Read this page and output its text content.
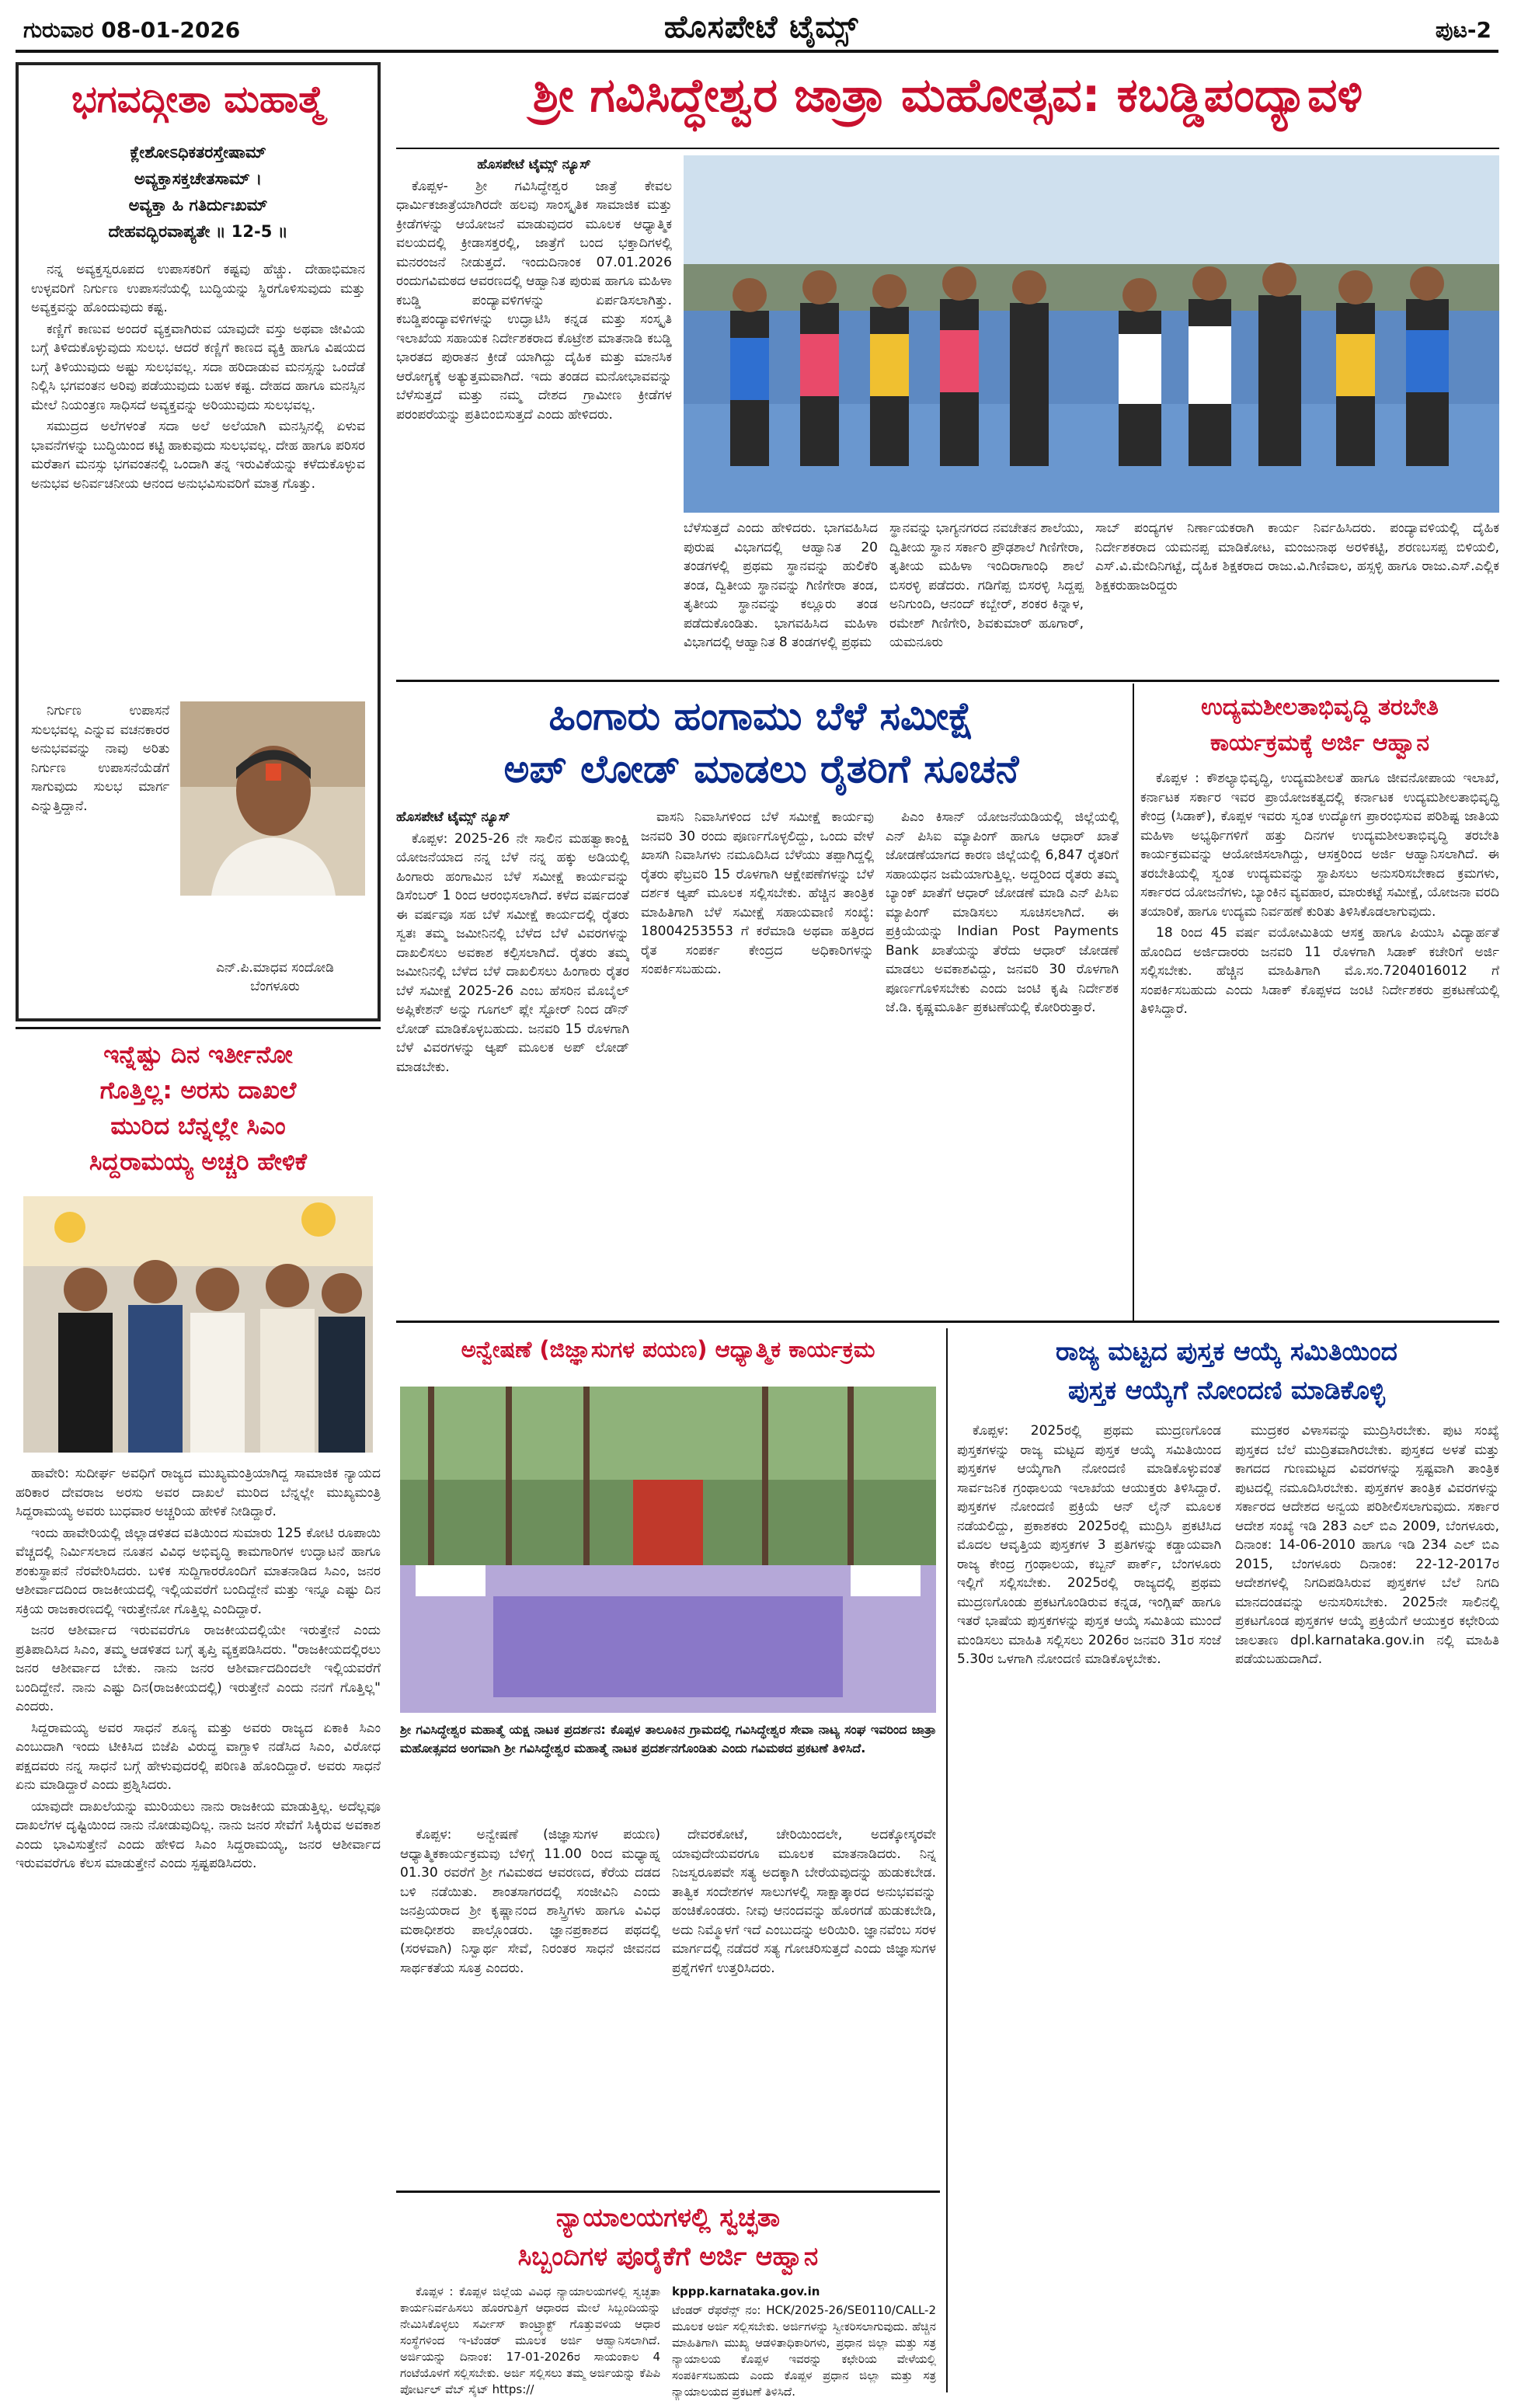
ಗುರುವಾರ 08-01-2026	ಹೊಸಪೇಟೆ ಟೈಮ್ಸ್	ಪುಟ-2
ಭಗವದ್ಗೀತಾ ಮಹಾತ್ಮೆ
ಕ್ಲೇಶೋಽಧಿಕತರಸ್ತೇಷಾಮ್
ಅವ್ಯಕ್ತಾಸಕ್ತಚೇತಸಾಮ್ ।
ಅವ್ಯಕ್ತಾ ಹಿ ಗತಿರ್ದುಃಖಮ್
ದೇಹವದ್ಭಿರವಾಪ್ಯತೇ ॥ 12-5 ॥

ನನ್ನ ಅವ್ಯಕ್ತಸ್ವರೂಪದ ಉಪಾಸಕರಿಗೆ ಕಷ್ಟವು ಹೆಚ್ಚು. ದೇಹಾಭಿಮಾನ ಉಳ್ಳವರಿಗೆ ನಿರ್ಗುಣ ಉಪಾಸನೆಯಲ್ಲಿ ಬುದ್ಧಿಯನ್ನು ಸ್ಥಿರಗೊಳಿಸುವುದು ಮತ್ತು ಅವ್ಯಕ್ತವನ್ನು ಹೊಂದುವುದು ಕಷ್ಟ.

ಕಣ್ಣಿಗೆ ಕಾಣುವ ಅಂದರೆ ವ್ಯಕ್ತವಾಗಿರುವ ಯಾವುದೇ ವಸ್ತು ಅಥವಾ ಜೀವಿಯ ಬಗ್ಗೆ ತಿಳಿದುಕೊಳ್ಳುವುದು ಸುಲಭ. ಆದರೆ ಕಣ್ಣಿಗೆ ಕಾಣದ ವ್ಯಕ್ತಿ ಹಾಗೂ ವಿಷಯದ ಬಗ್ಗೆ ತಿಳಿಯುವುದು ಅಷ್ಟು ಸುಲಭವಲ್ಲ. ಸದಾ ಹರಿದಾಡುವ ಮನಸ್ಸನ್ನು ಒಂದೆಡೆ ನಿಲ್ಲಿಸಿ ಭಗವಂತನ ಅರಿವು ಪಡೆಯುವುದು ಬಹಳ ಕಷ್ಟ. ದೇಹದ ಹಾಗೂ ಮನಸ್ಸಿನ ಮೇಲೆ ನಿಯಂತ್ರಣ ಸಾಧಿಸದೆ ಅವ್ಯಕ್ತವನ್ನು ಅರಿಯುವುದು ಸುಲಭವಲ್ಲ.

ಸಮುದ್ರದ ಅಲೆಗಳಂತೆ ಸದಾ ಅಲೆ ಅಲೆಯಾಗಿ ಮನಸ್ಸಿನಲ್ಲಿ ಏಳುವ ಭಾವನೆಗಳನ್ನು ಬುದ್ಧಿಯಿಂದ ಕಟ್ಟಿ ಹಾಕುವುದು ಸುಲಭವಲ್ಲ. ದೇಹ ಹಾಗೂ ಪರಿಸರ ಮರೆತಾಗ ಮನಸ್ಸು ಭಗವಂತನಲ್ಲಿ ಒಂದಾಗಿ ತನ್ನ ಇರುವಿಕೆಯನ್ನು ಕಳೆದುಕೊಳ್ಳುವ ಅನುಭವ ಅನಿರ್ವಚನೀಯ ಆನಂದ ಅನುಭವಿಸುವರಿಗೆ ಮಾತ್ರ ಗೊತ್ತು.

ನಿರ್ಗುಣ ಉಪಾಸನೆ ಸುಲಭವಲ್ಲ ಎನ್ನುವ ವಚನಕಾರರ ಅನುಭವವನ್ನು ನಾವು ಅರಿತು ನಿರ್ಗುಣ ಉಪಾಸನೆಯೆಡೆಗೆ ಸಾಗುವುದು ಸುಲಭ ಮಾರ್ಗ ಎನ್ನುತ್ತಿದ್ದಾನೆ.

ಎನ್.ಪಿ.ಮಾಧವ ಸಂದೋಡಿ
ಬೆಂಗಳೂರು
ಶ್ರೀ ಗವಿಸಿದ್ಧೇಶ್ವರ ಜಾತ್ರಾ ಮಹೋತ್ಸವ: ಕಬಡ್ಡಿಪಂದ್ಯಾವಳಿ

ಹೊಸಪೇಟೆ ಟೈಮ್ಸ್ ನ್ಯೂಸ್

ಕೊಪ್ಪಳ- ಶ್ರೀ ಗವಿಸಿದ್ಧೇಶ್ವರ ಜಾತ್ರೆ ಕೇವಲ ಧಾರ್ಮಿಕಜಾತ್ರೆಯಾಗಿರದೇ ಹಲವು ಸಾಂಸ್ಕೃತಿಕ ಸಾಮಾಜಿಕ ಮತ್ತು ಕ್ರೀಡೆಗಳನ್ನು ಆಯೋಜನೆ ಮಾಡುವುದರ ಮೂಲಕ ಆಧ್ಯಾತ್ಮಿಕ ವಲಯದಲ್ಲಿ ಕ್ರೀಡಾಸಕ್ತರಲ್ಲಿ, ಜಾತ್ರೆಗೆ ಬಂದ ಭಕ್ತಾದಿಗಳಲ್ಲಿ ಮನರಂಜನೆ ನೀಡುತ್ತದೆ. ಇಂದುದಿನಾಂಕ 07.01.2026 ರಂದುಗವಿಮಠದ ಆವರಣದಲ್ಲಿ ಆಹ್ವಾನಿತ ಪುರುಷ ಹಾಗೂ ಮಹಿಳಾ ಕಬಡ್ಡಿ ಪಂದ್ಯಾವಳಿಗಳನ್ನು ಏರ್ಪಡಿಸಲಾಗಿತ್ತು. ಕಬಡ್ಡಿಪಂದ್ಯಾವಳಿಗಳನ್ನು ಉದ್ಘಾಟಿಸಿ ಕನ್ನಡ ಮತ್ತು ಸಂಸ್ಕೃತಿ ಇಲಾಖೆಯ ಸಹಾಯಕ ನಿರ್ದೇಶಕರಾದ ಕೊಟ್ರೇಶ ಮಾತನಾಡಿ ಕಬಡ್ಡಿ ಭಾರತದ ಪುರಾತನ ಕ್ರೀಡೆ ಯಾಗಿದ್ದು ದೈಹಿಕ ಮತ್ತು ಮಾನಸಿಕ ಆರೋಗ್ಯಕ್ಕೆ ಅತ್ಯುತ್ತಮವಾಗಿದೆ. ಇದು ತಂಡದ ಮನೋಭಾವವನ್ನು ಬೆಳೆಸುತ್ತದೆ ಮತ್ತು ನಮ್ಮ ದೇಶದ ಗ್ರಾಮೀಣ ಕ್ರೀಡೆಗಳ ಪರಂಪರೆಯನ್ನು ಪ್ರತಿಬಿಂಬಿಸುತ್ತದೆ ಎಂದು ಹೇಳಿದರು.

ಬೆಳೆಸುತ್ತದೆ ಎಂದು ಹೇಳಿದರು. ಭಾಗವಹಿಸಿದ ಪುರುಷ ವಿಭಾಗದಲ್ಲಿ ಆಹ್ವಾನಿತ 20 ತಂಡಗಳಲ್ಲಿ ಪ್ರಥಮ ಸ್ಥಾನವನ್ನು ಹುಲಿಕೆರಿ ತಂಡ, ದ್ವಿತೀಯ ಸ್ಥಾನವನ್ನು ಗಿಣಿಗೇರಾ ತಂಡ, ತೃತೀಯ ಸ್ಥಾನವನ್ನು ಕಲ್ಲೂರು ತಂಡ ಪಡೆದುಕೊಂಡಿತು. ಭಾಗವಹಿಸಿದ ಮಹಿಳಾ ವಿಭಾಗದಲ್ಲಿ ಆಹ್ವಾನಿತ 8 ತಂಡಗಳಲ್ಲಿ ಪ್ರಥಮ

ಸ್ಥಾನವನ್ನು ಭಾಗ್ಯನಗರದ ನವಚೇತನ ಶಾಲೆಯು, ದ್ವಿತೀಯ ಸ್ಥಾನ ಸರ್ಕಾರಿ ಪ್ರೌಢಶಾಲೆ ಗಿಣಿಗೇರಾ, ತೃತೀಯ ಮಹಿಳಾ ಇಂದಿರಾಗಾಂಧಿ ಶಾಲೆ ಬಿಸರಳ್ಳಿ ಪಡೆದರು. ಗಡಿಗೆಪ್ಪ ಬಿಸರಳ್ಳಿ ಸಿದ್ದಪ್ಪ ಅನಿಗುಂದಿ, ಆನಂದ್ ಕಬ್ಬೇರ್, ಶಂಕರ ಕಿನ್ನಾಳ, ರಮೇಶ್ ಗಿಣಿಗೇರಿ, ಶಿವಕುಮಾರ್ ಹೂಗಾರ್, ಯಮನೂರು

ಸಾಬ್ ಪಂದ್ಯಗಳ ನಿರ್ಣಾಯಕರಾಗಿ ಕಾರ್ಯ ನಿರ್ವಹಿಸಿದರು. ಪಂದ್ಯಾವಳಿಯಲ್ಲಿ ದೈಹಿಕ ನಿರ್ದೇಶಕರಾದ ಯಮನಪ್ಪ ಮಾಡಿಕೋಟ, ಮಂಜುನಾಥ ಅರಳಿಕಟ್ಟಿ, ಶರಣಬಸಪ್ಪ ಬಿಳಿಯಲಿ, ಎಸ್.ವಿ.ಮೇದಿನಿಗಟ್ಟೆ, ದೈಹಿಕ ಶಿಕ್ಷಕರಾದ ರಾಜು.ವಿ.ಗಿಣಿವಾಲ, ಹಸ್ಸಳ್ಳಿ ಹಾಗೂ ರಾಜು.ಎಸ್.ಎಲ್ಲಿಕ ಶಿಕ್ಷಕರುಹಾಜರಿದ್ದರು

ಹಿಂಗಾರು ಹಂಗಾಮು ಬೆಳೆ ಸಮೀಕ್ಷೆ
ಅಪ್ ಲೋಡ್ ಮಾಡಲು ರೈತರಿಗೆ ಸೂಚನೆ

ಹೊಸಪೇಟೆ ಟೈಮ್ಸ್ ನ್ಯೂಸ್

ಕೊಪ್ಪಳ: 2025-26 ನೇ ಸಾಲಿನ ಮಹತ್ವಾಕಾಂಕ್ಷಿ ಯೋಜನೆಯಾದ ನನ್ನ ಬೆಳೆ ನನ್ನ ಹಕ್ಕು ಅಡಿಯಲ್ಲಿ ಹಿಂಗಾರು ಹಂಗಾಮಿನ ಬೆಳೆ ಸಮೀಕ್ಷೆ ಕಾರ್ಯವನ್ನು ಡಿಸೆಂಬರ್ 1 ರಿಂದ ಆರಂಭಿಸಲಾಗಿದೆ. ಕಳೆದ ವರ್ಷದಂತೆ ಈ ವರ್ಷವೂ ಸಹ ಬೆಳೆ ಸಮೀಕ್ಷೆ ಕಾರ್ಯದಲ್ಲಿ ರೈತರು ಸ್ವತಃ ತಮ್ಮ ಜಮೀನಿನಲ್ಲಿ ಬೆಳೆದ ಬೆಳೆ ವಿವರಗಳನ್ನು ದಾಖಲಿಸಲು ಅವಕಾಶ ಕಲ್ಪಿಸಲಾಗಿದೆ. ರೈತರು ತಮ್ಮ ಜಮೀನಿನಲ್ಲಿ ಬೆಳೆದ ಬೆಳೆ ದಾಖಲಿಸಲು ಹಿಂಗಾರು ರೈತರ ಬೆಳೆ ಸಮೀಕ್ಷೆ 2025-26 ಎಂಬ ಹೆಸರಿನ ಮೊಬೈಲ್ ಅಪ್ಲಿಕೇಶನ್ ಅನ್ನು ಗೂಗಲ್ ಪ್ಲೇ ಸ್ಟೋರ್ ನಿಂದ ಡೌನ್ ಲೋಡ್ ಮಾಡಿಕೊಳ್ಳಬಹುದು. ಜನವರಿ 15 ರೊಳಗಾಗಿ ಬೆಳೆ ವಿವರಗಳನ್ನು ಆ್ಯಪ್ ಮೂಲಕ ಅಪ್ ಲೋಡ್ ಮಾಡಬೇಕು.

ವಾಸನಿ ನಿವಾಸಿಗಳಿಂದ ಬೆಳೆ ಸಮೀಕ್ಷೆ ಕಾರ್ಯವು ಜನವರಿ 30 ರಂದು ಪೂರ್ಣಗೊಳ್ಳಲಿದ್ದು, ಒಂದು ವೇಳೆ ಖಾಸಗಿ ನಿವಾಸಿಗಳು ನಮೂದಿಸಿದ ಬೆಳೆಯು ತಪ್ಪಾಗಿದ್ದಲ್ಲಿ ರೈತರು ಫೆಬ್ರವರಿ 15 ರೊಳಗಾಗಿ ಆಕ್ಷೇಪಣೆಗಳನ್ನು ಬೆಳೆ ದರ್ಶಕ ಆ್ಯಪ್ ಮೂಲಕ ಸಲ್ಲಿಸಬೇಕು. ಹೆಚ್ಚಿನ ತಾಂತ್ರಿಕ ಮಾಹಿತಿಗಾಗಿ ಬೆಳೆ ಸಮೀಕ್ಷೆ ಸಹಾಯವಾಣಿ ಸಂಖ್ಯೆ: 18004253553 ಗೆ ಕರೆಮಾಡಿ ಅಥವಾ ಹತ್ತಿರದ ರೈತ ಸಂಪರ್ಕ ಕೇಂದ್ರದ ಅಧಿಕಾರಿಗಳನ್ನು ಸಂಪರ್ಕಿಸಬಹುದು.

ಪಿಎಂ ಕಿಸಾನ್ ಯೋಜನೆಯಡಿಯಲ್ಲಿ ಜಿಲ್ಲೆಯಲ್ಲಿ ಎನ್ ಪಿಸಿಐ ಮ್ಯಾಪಿಂಗ್ ಹಾಗೂ ಆಧಾರ್ ಖಾತೆ ಜೋಡಣೆಯಾಗದ ಕಾರಣ ಜಿಲ್ಲೆಯಲ್ಲಿ 6,847 ರೈತರಿಗೆ ಸಹಾಯಧನ ಜಮೆಯಾಗುತ್ತಿಲ್ಲ. ಅದ್ದರಿಂದ ರೈತರು ತಮ್ಮ ಬ್ಯಾಂಕ್ ಖಾತೆಗೆ ಆಧಾರ್ ಜೋಡಣೆ ಮಾಡಿ ಎನ್ ಪಿಸಿಐ ಮ್ಯಾಪಿಂಗ್ ಮಾಡಿಸಲು ಸೂಚಿಸಲಾಗಿದೆ. ಈ ಪ್ರಕ್ರಿಯೆಯನ್ನು Indian Post Payments Bank ಖಾತೆಯನ್ನು ತೆರೆದು ಆಧಾರ್ ಜೋಡಣೆ ಮಾಡಲು ಅವಕಾಶವಿದ್ದು, ಜನವರಿ 30 ರೊಳಗಾಗಿ ಪೂರ್ಣಗೊಳಿಸಬೇಕು ಎಂದು ಜಂಟಿ ಕೃಷಿ ನಿರ್ದೇಶಕ ಜೆ.ಡಿ. ಕೃಷ್ಣಮೂರ್ತಿ ಪ್ರಕಟಣೆಯಲ್ಲಿ ಕೋರಿರುತ್ತಾರೆ.

ಉದ್ಯಮಶೀಲತಾಭಿವೃದ್ಧಿ ತರಬೇತಿ
ಕಾರ್ಯಕ್ರಮಕ್ಕೆ ಅರ್ಜಿ ಆಹ್ವಾನ

ಕೊಪ್ಪಳ : ಕೌಶಲ್ಯಾಭಿವೃದ್ಧಿ, ಉದ್ಯಮಶೀಲತೆ ಹಾಗೂ ಜೀವನೋಪಾಯ ಇಲಾಖೆ, ಕರ್ನಾಟಕ ಸರ್ಕಾರ ಇವರ ಪ್ರಾಯೋಜಕತ್ವದಲ್ಲಿ ಕರ್ನಾಟಕ ಉದ್ಯಮಶೀಲತಾಭಿವೃದ್ಧಿ ಕೇಂದ್ರ (ಸಿಡಾಕ್), ಕೊಪ್ಪಳ ಇವರು ಸ್ವಂತ ಉದ್ಯೋಗ ಪ್ರಾರಂಭಿಸುವ ಪರಿಶಿಷ್ಟ ಜಾತಿಯ ಮಹಿಳಾ ಅಭ್ಯರ್ಥಿಗಳಿಗೆ ಹತ್ತು ದಿನಗಳ ಉದ್ಯಮಶೀಲತಾಭಿವೃದ್ಧಿ ತರಬೇತಿ ಕಾರ್ಯಕ್ರಮವನ್ನು ಆಯೋಜಿಸಲಾಗಿದ್ದು, ಆಸಕ್ತರಿಂದ ಅರ್ಜಿ ಆಹ್ವಾನಿಸಲಾಗಿದೆ. ಈ ತರಬೇತಿಯಲ್ಲಿ ಸ್ವಂತ ಉದ್ಯಮವನ್ನು ಸ್ಥಾಪಿಸಲು ಅನುಸರಿಸಬೇಕಾದ ಕ್ರಮಗಳು, ಸರ್ಕಾರದ ಯೋಜನೆಗಳು, ಬ್ಯಾಂಕಿನ ವ್ಯವಹಾರ, ಮಾರುಕಟ್ಟೆ ಸಮೀಕ್ಷೆ, ಯೋಜನಾ ವರದಿ ತಯಾರಿಕೆ, ಹಾಗೂ ಉದ್ಯಮ ನಿರ್ವಹಣೆ ಕುರಿತು ತಿಳಿಸಿಕೊಡಲಾಗುವುದು.

18 ರಿಂದ 45 ವರ್ಷ ವಯೋಮಿತಿಯ ಆಸಕ್ತ ಹಾಗೂ ಪಿಯುಸಿ ವಿದ್ಯಾರ್ಹತೆ ಹೊಂದಿದ ಅರ್ಜಿದಾರರು ಜನವರಿ 11 ರೊಳಗಾಗಿ ಸಿಡಾಕ್ ಕಚೇರಿಗೆ ಅರ್ಜಿ ಸಲ್ಲಿಸಬೇಕು. ಹೆಚ್ಚಿನ ಮಾಹಿತಿಗಾಗಿ ಮೊ.ಸಂ.7204016012 ಗೆ ಸಂಪರ್ಕಿಸಬಹುದು ಎಂದು ಸಿಡಾಕ್ ಕೊಪ್ಪಳದ ಜಂಟಿ ನಿರ್ದೇಶಕರು ಪ್ರಕಟಣೆಯಲ್ಲಿ ತಿಳಿಸಿದ್ದಾರೆ.

ಇನ್ನೆಷ್ಟು ದಿನ ಇರ್ತೀನೋ
ಗೊತ್ತಿಲ್ಲ: ಅರಸು ದಾಖಲೆ
ಮುರಿದ ಬೆನ್ನಲ್ಲೇ ಸಿಎಂ
ಸಿದ್ದರಾಮಯ್ಯ ಅಚ್ಚರಿ ಹೇಳಿಕೆ

ಹಾವೇರಿ: ಸುದೀರ್ಘ ಅವಧಿಗೆ ರಾಜ್ಯದ ಮುಖ್ಯಮಂತ್ರಿಯಾಗಿದ್ದ ಸಾಮಾಜಿಕ ನ್ಯಾಯದ ಹರಿಕಾರ ದೇವರಾಜ ಅರಸು ಅವರ ದಾಖಲೆ ಮುರಿದ ಬೆನ್ನಲ್ಲೇ ಮುಖ್ಯಮಂತ್ರಿ ಸಿದ್ದರಾಮಯ್ಯ ಅವರು ಬುಧವಾರ ಅಚ್ಚರಿಯ ಹೇಳಿಕೆ ನೀಡಿದ್ದಾರೆ.

ಇಂದು ಹಾವೇರಿಯಲ್ಲಿ ಜಿಲ್ಲಾಡಳಿತದ ವತಿಯಿಂದ ಸುಮಾರು 125 ಕೋಟಿ ರೂಪಾಯಿ ವೆಚ್ಚದಲ್ಲಿ ನಿರ್ಮಿಸಲಾದ ನೂತನ ವಿವಿಧ ಅಭಿವೃದ್ಧಿ ಕಾಮಗಾರಿಗಳ ಉದ್ಘಾಟನೆ ಹಾಗೂ ಶಂಕುಸ್ಥಾಪನೆ ನೆರವೇರಿಸಿದರು. ಬಳಿಕ ಸುದ್ದಿಗಾರರೊಂದಿಗೆ ಮಾತನಾಡಿದ ಸಿಎಂ, ಜನರ ಆಶೀರ್ವಾದದಿಂದ ರಾಜಕೀಯದಲ್ಲಿ ಇಲ್ಲಿಯವರೆಗೆ ಬಂದಿದ್ದೇನೆ ಮತ್ತು ಇನ್ನೂ ಎಷ್ಟು ದಿನ ಸಕ್ರಿಯ ರಾಜಕಾರಣದಲ್ಲಿ ಇರುತ್ತೇನೋ ಗೊತ್ತಿಲ್ಲ ಎಂದಿದ್ದಾರೆ.

ಜನರ ಆಶೀರ್ವಾದ ಇರುವವರೆಗೂ ರಾಜಕೀಯದಲ್ಲಿಯೇ ಇರುತ್ತೇನೆ ಎಂದು ಪ್ರತಿಪಾದಿಸಿದ ಸಿಎಂ, ತಮ್ಮ ಆಡಳಿತದ ಬಗ್ಗೆ ತೃಪ್ತಿ ವ್ಯಕ್ತಪಡಿಸಿದರು. "ರಾಜಕೀಯದಲ್ಲಿರಲು ಜನರ ಆಶೀರ್ವಾದ ಬೇಕು. ನಾನು ಜನರ ಆಶೀರ್ವಾದದಿಂದಲೇ ಇಲ್ಲಿಯವರೆಗೆ ಬಂದಿದ್ದೇನೆ. ನಾನು ಎಷ್ಟು ದಿನ(ರಾಜಕೀಯದಲ್ಲಿ) ಇರುತ್ತೇನೆ ಎಂದು ನನಗೆ ಗೊತ್ತಿಲ್ಲ" ಎಂದರು.

ಸಿದ್ದರಾಮಯ್ಯ ಅವರ ಸಾಧನೆ ಶೂನ್ಯ ಮತ್ತು ಅವರು ರಾಜ್ಯದ ಏಕಾಕಿ ಸಿಎಂ ಎಂಬುದಾಗಿ ಇಂದು ಟೀಕಿಸಿದ ಬಿಜೆಪಿ ವಿರುದ್ಧ ವಾಗ್ದಾಳಿ ನಡೆಸಿದ ಸಿಎಂ, ವಿರೋಧ ಪಕ್ಷದವರು ನನ್ನ ಸಾಧನೆ ಬಗ್ಗೆ ಹೇಳುವುದರಲ್ಲಿ ಪರಿಣತಿ ಹೊಂದಿದ್ದಾರೆ. ಅವರು ಸಾಧನೆ ಏನು ಮಾಡಿದ್ದಾರೆ ಎಂದು ಪ್ರಶ್ನಿಸಿದರು.

ಯಾವುದೇ ದಾಖಲೆಯನ್ನು ಮುರಿಯಲು ನಾನು ರಾಜಕೀಯ ಮಾಡುತ್ತಿಲ್ಲ. ಅದೆಲ್ಲವೂ ದಾಖಲೆಗಳ ದೃಷ್ಟಿಯಿಂದ ನಾನು ನೋಡುವುದಿಲ್ಲ. ನಾನು ಜನರ ಸೇವೆಗೆ ಸಿಕ್ಕಿರುವ ಅವಕಾಶ ಎಂದು ಭಾವಿಸುತ್ತೇನೆ ಎಂದು ಹೇಳಿದ ಸಿಎಂ ಸಿದ್ದರಾಮಯ್ಯ, ಜನರ ಆಶೀರ್ವಾದ ಇರುವವರೆಗೂ ಕೆಲಸ ಮಾಡುತ್ತೇನೆ ಎಂದು ಸ್ಪಷ್ಟಪಡಿಸಿದರು.

ಅನ್ವೇಷಣೆ (ಜಿಜ್ಞಾಸುಗಳ ಪಯಣ) ಆಧ್ಯಾತ್ಮಿಕ ಕಾರ್ಯಕ್ರಮ
ಶ್ರೀ ಗವಿಸಿದ್ಧೇಶ್ವರ ಮಹಾತ್ಮೆ ಯಕ್ಷ ನಾಟಕ ಪ್ರದರ್ಶನ: ಕೊಪ್ಪಳ ತಾಲೂಕಿನ ಗ್ರಾಮದಲ್ಲಿ ಗವಿಸಿದ್ಧೇಶ್ವರ ಸೇವಾ ನಾಟ್ಯ ಸಂಘ ಇವರಿಂದ ಜಾತ್ರಾ ಮಹೋತ್ಸವದ ಅಂಗವಾಗಿ ಶ್ರೀ ಗವಿಸಿದ್ಧೇಶ್ವರ ಮಹಾತ್ಮೆ ನಾಟಕ ಪ್ರದರ್ಶನಗೊಂಡಿತು ಎಂದು ಗವಿಮಠದ ಪ್ರಕಟಣೆ ತಿಳಿಸಿದೆ.

ಕೊಪ್ಪಳ: ಅನ್ವೇಷಣೆ (ಜಿಜ್ಞಾಸುಗಳ ಪಯಣ) ಆಧ್ಯಾತ್ಮಿಕಕಾರ್ಯಕ್ರಮವು ಬೆಳಿಗ್ಗೆ 11.00 ರಿಂದ ಮಧ್ಯಾಹ್ನ 01.30 ರವರೆಗೆ ಶ್ರೀ ಗವಿಮಠದ ಆವರಣದ, ಕೆರೆಯ ದಡದ ಬಳಿ ನಡೆಯಿತು. ಶಾಂತಸಾಗರದಲ್ಲಿ ಸಂಜೀವಿನಿ ಎಂದು ಜನಪ್ರಿಯರಾದ ಶ್ರೀ ಕೃಷ್ಣಾನಂದ ಶಾಸ್ತ್ರಿಗಳು ಹಾಗೂ ವಿವಿಧ ಮಠಾಧೀಶರು ಪಾಲ್ಗೊಂಡರು. ಜ್ಞಾನಪ್ರಕಾಶದ ಪಥದಲ್ಲಿ (ಸರಳವಾಗಿ) ನಿಸ್ವಾರ್ಥ ಸೇವೆ, ನಿರಂತರ ಸಾಧನೆ ಜೀವನದ ಸಾರ್ಥಕತೆಯ ಸೂತ್ರ ಎಂದರು.

ದೇವರಕೋಟೆ, ಚೇರಿಯಿಂದಲೇ, ಅದಕ್ಕೋಸ್ಕರವೇ ಯಾವುದೇಯವರಗೂ ಮೂಲಕ ಮಾತನಾಡಿದರು. ನಿನ್ನ ನಿಜಸ್ವರೂಪವೇ ಸತ್ಯ ಅದಕ್ಕಾಗಿ ಬೇರೆಯವುದನ್ನು ಹುಡುಕಬೇಡ. ತಾತ್ವಿಕ ಸಂದೇಶಗಳ ಸಾಲುಗಳಲ್ಲಿ ಸಾಕ್ಷಾತ್ಕಾರದ ಅನುಭವವನ್ನು ಹಂಚಿಕೊಂಡರು. ನೀವು ಆನಂದವನ್ನು ಹೊರಗಡೆ ಹುಡುಕಬೇಡಿ, ಅದು ನಿಮ್ಮೊಳಗೆ ಇದೆ ಎಂಬುದನ್ನು ಅರಿಯಿರಿ. ಜ್ಞಾನವೆಂಬ ಸರಳ ಮಾರ್ಗದಲ್ಲಿ ನಡೆದರೆ ಸತ್ಯ ಗೋಚರಿಸುತ್ತದೆ ಎಂದು ಜಿಜ್ಞಾಸುಗಳ ಪ್ರಶ್ನೆಗಳಿಗೆ ಉತ್ತರಿಸಿದರು.

ರಾಜ್ಯ ಮಟ್ಟದ ಪುಸ್ತಕ ಆಯ್ಕೆ ಸಮಿತಿಯಿಂದ
ಪುಸ್ತಕ ಆಯ್ಕೆಗೆ ನೋಂದಣಿ ಮಾಡಿಕೊಳ್ಳಿ

ಕೊಪ್ಪಳ: 2025ರಲ್ಲಿ ಪ್ರಥಮ ಮುದ್ರಣಗೊಂಡ ಪುಸ್ತಕಗಳನ್ನು ರಾಜ್ಯ ಮಟ್ಟದ ಪುಸ್ತಕ ಆಯ್ಕೆ ಸಮಿತಿಯಿಂದ ಪುಸ್ತಕಗಳ ಆಯ್ಕೆಗಾಗಿ ನೋಂದಣಿ ಮಾಡಿಕೊಳ್ಳುವಂತೆ ಸಾರ್ವಜನಿಕ ಗ್ರಂಥಾಲಯ ಇಲಾಖೆಯ ಆಯುಕ್ತರು ತಿಳಿಸಿದ್ದಾರೆ. ಪುಸ್ತಕಗಳ ನೋಂದಣಿ ಪ್ರಕ್ರಿಯೆ ಆನ್ ಲೈನ್ ಮೂಲಕ ನಡೆಯಲಿದ್ದು, ಪ್ರಕಾಶಕರು 2025ರಲ್ಲಿ ಮುದ್ರಿಸಿ ಪ್ರಕಟಿಸಿದ ಮೊದಲ ಆವೃತ್ತಿಯ ಪುಸ್ತಕಗಳ 3 ಪ್ರತಿಗಳನ್ನು ಕಡ್ಡಾಯವಾಗಿ ರಾಜ್ಯ ಕೇಂದ್ರ ಗ್ರಂಥಾಲಯ, ಕಬ್ಬನ್ ಪಾರ್ಕ್, ಬೆಂಗಳೂರು ಇಲ್ಲಿಗೆ ಸಲ್ಲಿಸಬೇಕು. 2025ರಲ್ಲಿ ರಾಜ್ಯದಲ್ಲಿ ಪ್ರಥಮ ಮುದ್ರಣಗೊಂಡು ಪ್ರಕಟಗೊಂಡಿರುವ ಕನ್ನಡ, ಇಂಗ್ಲಿಷ್ ಹಾಗೂ ಇತರೆ ಭಾಷೆಯ ಪುಸ್ತಕಗಳನ್ನು ಪುಸ್ತಕ ಆಯ್ಕೆ ಸಮಿತಿಯ ಮುಂದೆ ಮಂಡಿಸಲು ಮಾಹಿತಿ ಸಲ್ಲಿಸಲು 2026ರ ಜನವರಿ 31ರ ಸಂಜೆ 5.30ರ ಒಳಗಾಗಿ ನೋಂದಣಿ ಮಾಡಿಕೊಳ್ಳಬೇಕು.

ಮುದ್ರಕರ ವಿಳಾಸವನ್ನು ಮುದ್ರಿಸಿರಬೇಕು. ಪುಟ ಸಂಖ್ಯೆ ಪುಸ್ತಕದ ಬೆಲೆ ಮುದ್ರಿತವಾಗಿರಬೇಕು. ಪುಸ್ತಕದ ಅಳತೆ ಮತ್ತು ಕಾಗದದ ಗುಣಮಟ್ಟದ ವಿವರಗಳನ್ನು ಸ್ಪಷ್ಟವಾಗಿ ತಾಂತ್ರಿಕ ಪುಟದಲ್ಲಿ ನಮೂದಿಸಿರಬೇಕು. ಪುಸ್ತಕಗಳ ತಾಂತ್ರಿಕ ವಿವರಗಳನ್ನು ಸರ್ಕಾರದ ಆದೇಶದ ಅನ್ವಯ ಪರಿಶೀಲಿಸಲಾಗುವುದು. ಸರ್ಕಾರ ಆದೇಶ ಸಂಖ್ಯೆ ಇಡಿ 283 ಎಲ್ ಬಿಎ 2009, ಬೆಂಗಳೂರು, ದಿನಾಂಕ: 14-06-2010 ಹಾಗೂ ಇಡಿ 234 ಎಲ್ ಬಿಎ 2015, ಬೆಂಗಳೂರು ದಿನಾಂಕ: 22-12-2017ರ ಆದೇಶಗಳಲ್ಲಿ ನಿಗದಿಪಡಿಸಿರುವ ಪುಸ್ತಕಗಳ ಬೆಲೆ ನಿಗದಿ ಮಾನದಂಡವನ್ನು ಅನುಸರಿಸಬೇಕು. 2025ನೇ ಸಾಲಿನಲ್ಲಿ ಪ್ರಕಟಗೊಂಡ ಪುಸ್ತಕಗಳ ಆಯ್ಕೆ ಪ್ರಕ್ರಿಯೆಗೆ ಆಯುಕ್ತರ ಕಛೇರಿಯ ಜಾಲತಾಣ dpl.karnataka.gov.in ನಲ್ಲಿ ಮಾಹಿತಿ ಪಡೆಯಬಹುದಾಗಿದೆ.

ನ್ಯಾಯಾಲಯಗಳಲ್ಲಿ ಸ್ವಚ್ಛತಾ
ಸಿಬ್ಬಂದಿಗಳ ಪೂರೈಕೆಗೆ ಅರ್ಜಿ ಆಹ್ವಾನ

ಕೊಪ್ಪಳ : ಕೊಪ್ಪಳ ಜಿಲ್ಲೆಯ ವಿವಿಧ ನ್ಯಾಯಾಲಯಗಳಲ್ಲಿ ಸ್ವಚ್ಛತಾ ಕಾರ್ಯನಿರ್ವಹಿಸಲು ಹೊರಗುತ್ತಿಗೆ ಆಧಾರದ ಮೇಲೆ ಸಿಬ್ಬಂದಿಯನ್ನು ನೇಮಿಸಿಕೊಳ್ಳಲು ಸರ್ವೀಸ್ ಕಾಂಟ್ರ್ಯಾಕ್ಟ್ ಗೊತ್ತುವಳಿಯ ಆಧಾರ ಸಂಸ್ಥೆಗಳಿಂದ ಇ-ಟೆಂಡರ್ ಮೂಲಕ ಅರ್ಜಿ ಆಹ್ವಾನಿಸಲಾಗಿದೆ. ಅರ್ಜಿಯನ್ನು ದಿನಾಂಕ: 17-01-2026ರ ಸಾಯಂಕಾಲ 4 ಗಂಟೆಯೊಳಗೆ ಸಲ್ಲಿಸಬೇಕು. ಅರ್ಜಿ ಸಲ್ಲಿಸಲು ತಮ್ಮ ಅರ್ಜಿಯನ್ನು ಕೆಪಿಪಿ ಪೋರ್ಟಲ್ ವೆಬ್ ಸೈಟ್ https://

kppp.karnataka.gov.in

ಟೆಂಡರ್ ರೆಫರೆನ್ಸ್ ನಂ: HCK/2025-26/SE0110/CALL-2 ಮೂಲಕ ಅರ್ಜಿ ಸಲ್ಲಿಸಬೇಕು. ಅರ್ಜಿಗಳನ್ನು ಸ್ವೀಕರಿಸಲಾಗುವುದು. ಹೆಚ್ಚಿನ ಮಾಹಿತಿಗಾಗಿ ಮುಖ್ಯ ಆಡಳಿತಾಧಿಕಾರಿಗಳು, ಪ್ರಧಾನ ಜಿಲ್ಲಾ ಮತ್ತು ಸತ್ರ ನ್ಯಾಯಾಲಯ ಕೊಪ್ಪಳ ಇವರನ್ನು ಕಛೇರಿಯ ವೇಳೆಯಲ್ಲಿ ಸಂಪರ್ಕಿಸಬಹುದು ಎಂದು ಕೊಪ್ಪಳ ಪ್ರಧಾನ ಜಿಲ್ಲಾ ಮತ್ತು ಸತ್ರ ನ್ಯಾಯಾಲಯದ ಪ್ರಕಟಣೆ ತಿಳಿಸಿದೆ.
